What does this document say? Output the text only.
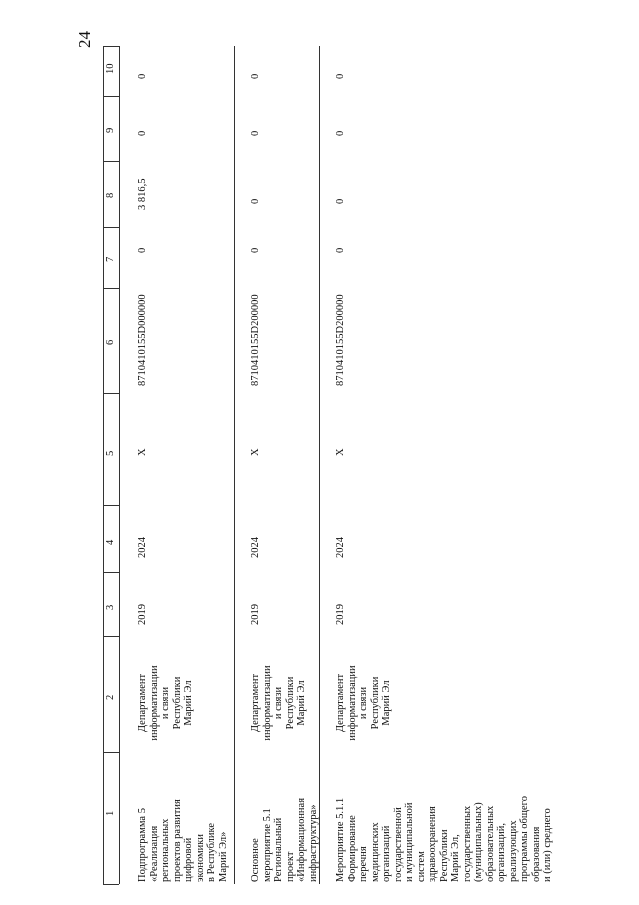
24
1
2
3
4
5
6
7
8
9
10
Подпрограмма 5 «Реализация региональных проектов развития цифровой экономики в Республике Марий Эл»
Департамент информатизации и связи Республики Марий Эл
2019
2024
Х
8710410155D000000
0
3 816,5
0
0
Основное мероприятие 5.1 Региональный проект «Информационная инфраструктура»
Департамент информатизации и связи Республики Марий Эл
2019
2024
Х
8710410155D200000
0
0
0
0
Мероприятие 5.1.1 Формирование перечня медицинских организаций государственной и муниципальной систем здравоохранения Республики Марий Эл, государственных (муниципальных) образовательных организаций, реализующих программы общего образования и (или) среднего
Департамент информатизации и связи Республики Марий Эл
2019
2024
Х
8710410155D200000
0
0
0
0
